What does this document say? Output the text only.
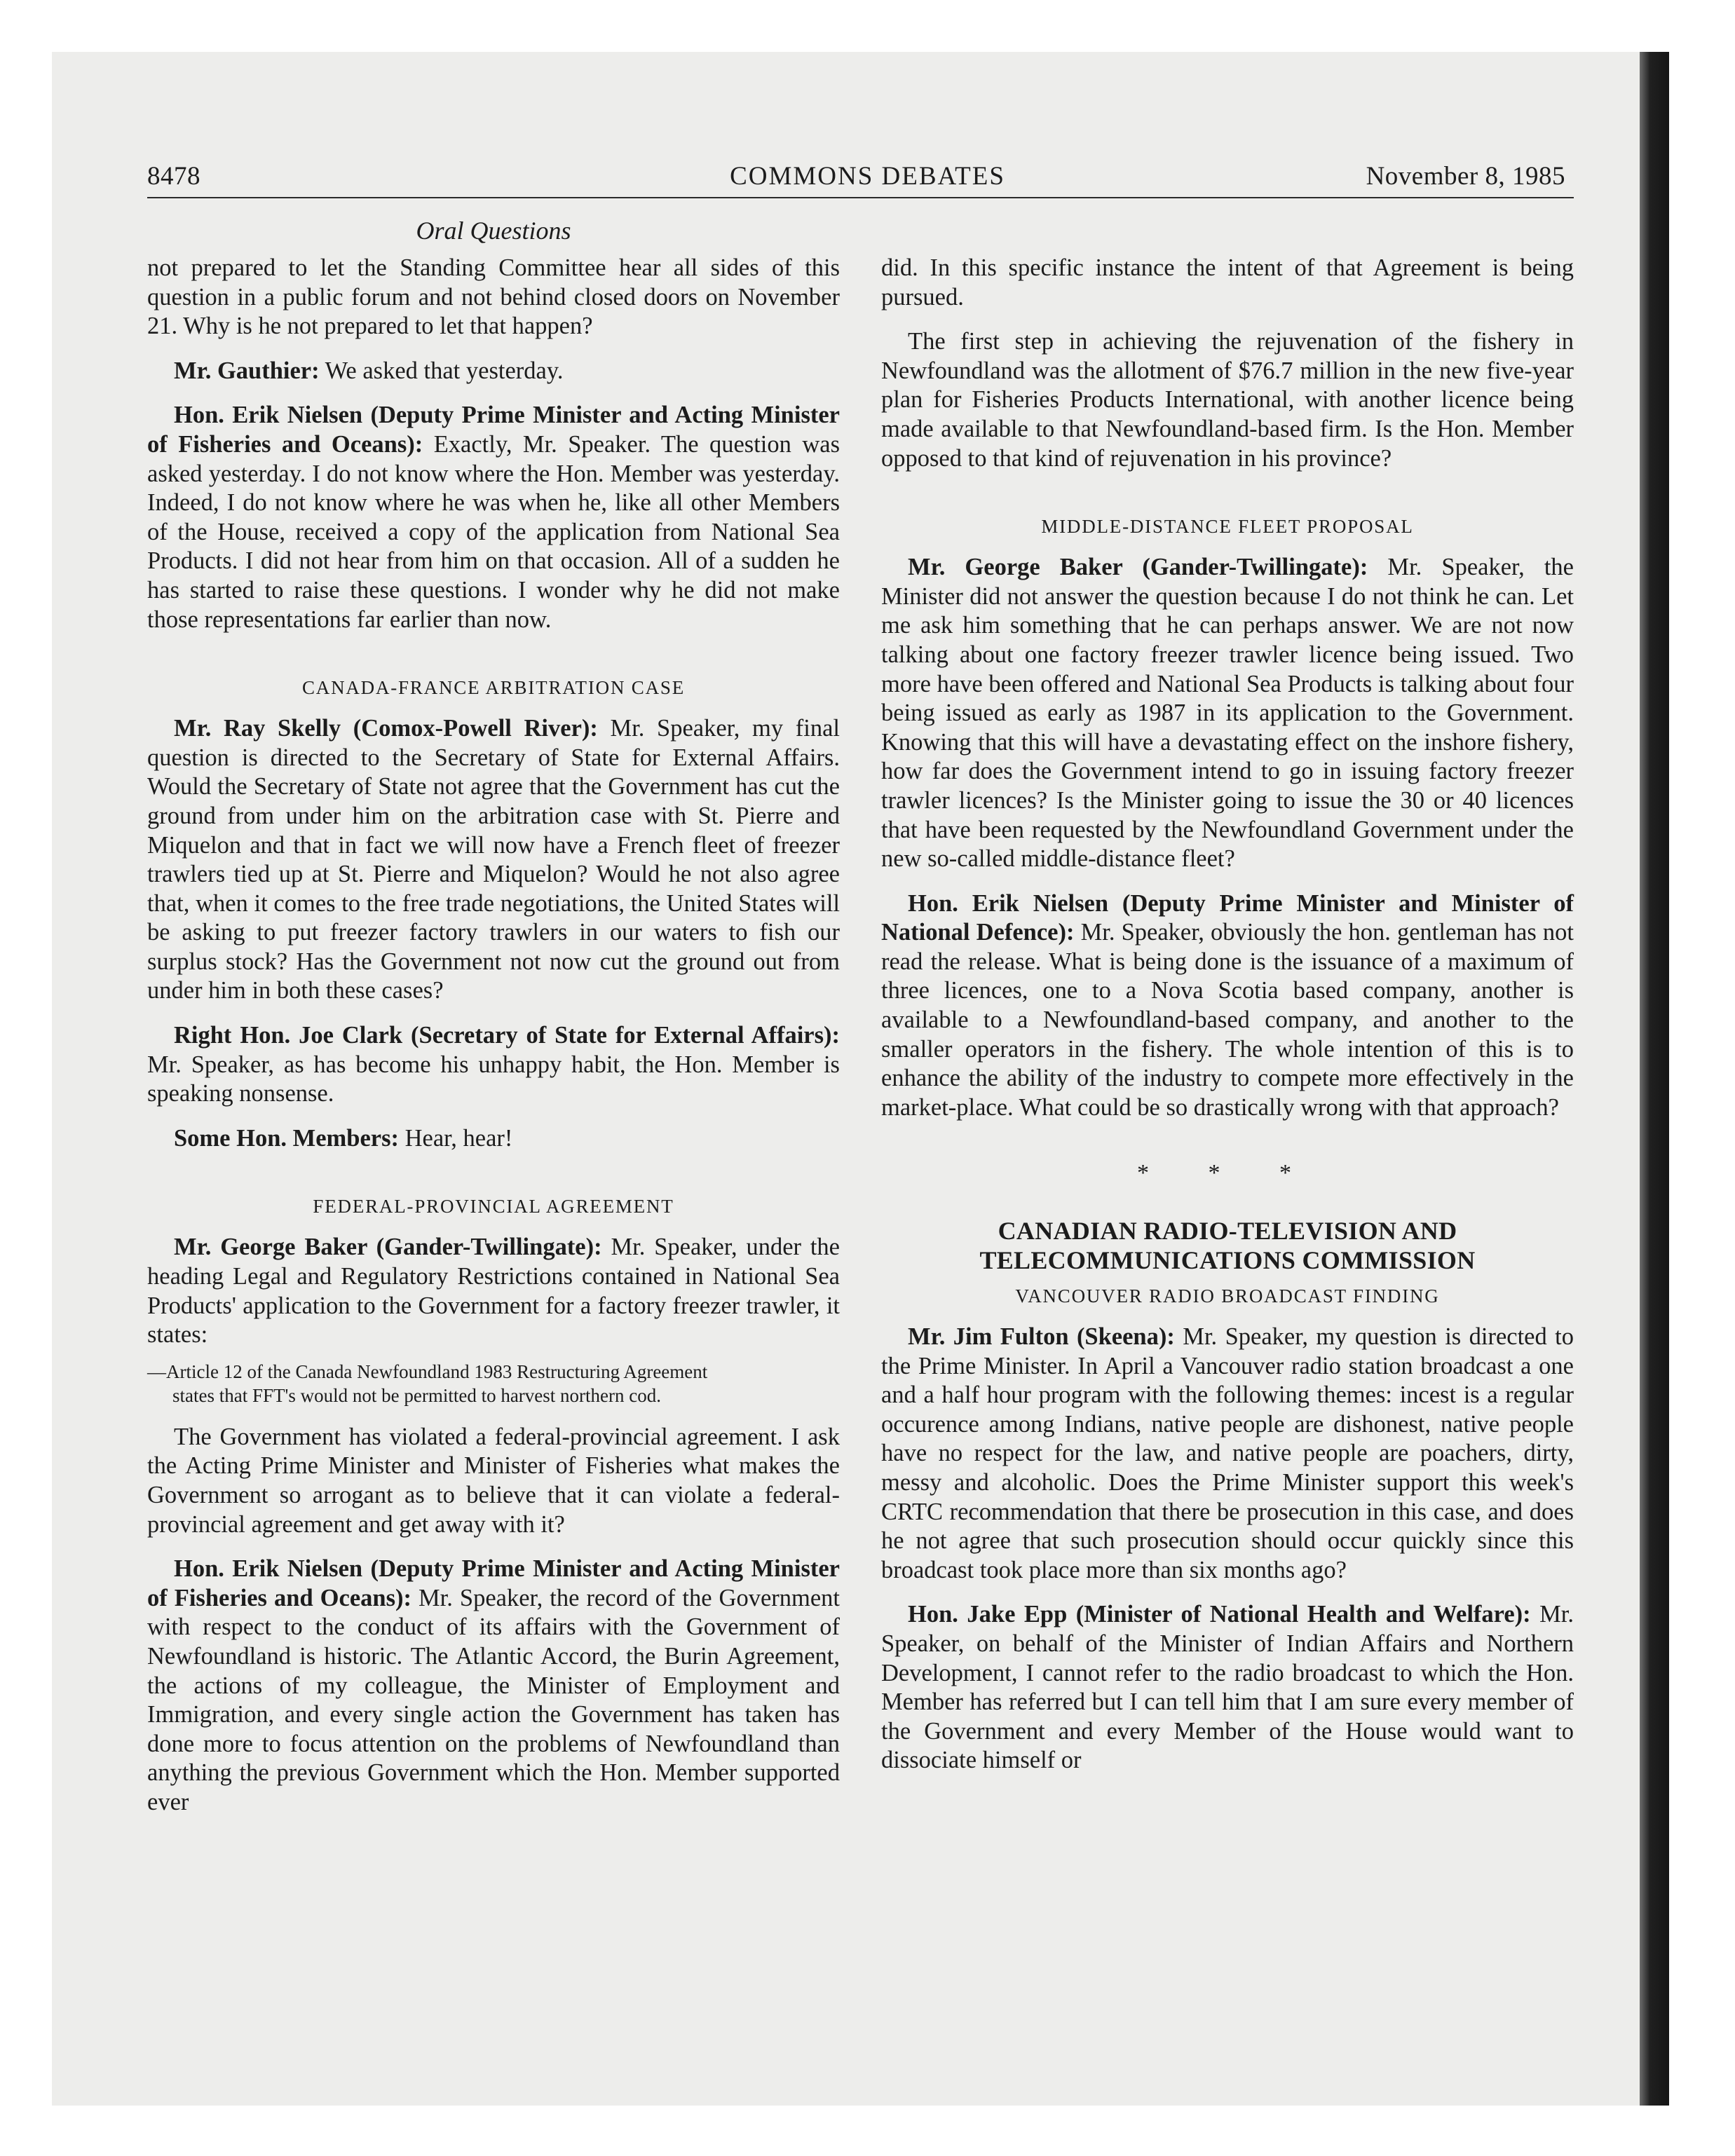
8478	COMMONS DEBATES	November 8, 1985
Oral Questions

not prepared to let the Standing Committee hear all sides of this question in a public forum and not behind closed doors on November 21. Why is he not prepared to let that happen?

Mr. Gauthier: We asked that yesterday.

Hon. Erik Nielsen (Deputy Prime Minister and Acting Minister of Fisheries and Oceans): Exactly, Mr. Speaker. The question was asked yesterday. I do not know where the Hon. Member was yesterday. Indeed, I do not know where he was when he, like all other Members of the House, received a copy of the application from National Sea Products. I did not hear from him on that occasion. All of a sudden he has started to raise these questions. I wonder why he did not make those representations far earlier than now.

CANADA-FRANCE ARBITRATION CASE

Mr. Ray Skelly (Comox-Powell River): Mr. Speaker, my final question is directed to the Secretary of State for External Affairs. Would the Secretary of State not agree that the Government has cut the ground from under him on the arbitration case with St. Pierre and Miquelon and that in fact we will now have a French fleet of freezer trawlers tied up at St. Pierre and Miquelon? Would he not also agree that, when it comes to the free trade negotiations, the United States will be asking to put freezer factory trawlers in our waters to fish our surplus stock? Has the Government not now cut the ground out from under him in both these cases?

Right Hon. Joe Clark (Secretary of State for External Affairs): Mr. Speaker, as has become his unhappy habit, the Hon. Member is speaking nonsense.

Some Hon. Members: Hear, hear!

FEDERAL-PROVINCIAL AGREEMENT

Mr. George Baker (Gander-Twillingate): Mr. Speaker, under the heading Legal and Regulatory Restrictions contained in National Sea Products' application to the Government for a factory freezer trawler, it states:

—Article 12 of the Canada Newfoundland 1983 Restructuring Agreement
states that FFT's would not be permitted to harvest northern cod.

The Government has violated a federal-provincial agreement. I ask the Acting Prime Minister and Minister of Fisheries what makes the Government so arrogant as to believe that it can violate a federal-provincial agreement and get away with it?

Hon. Erik Nielsen (Deputy Prime Minister and Acting Minister of Fisheries and Oceans): Mr. Speaker, the record of the Government with respect to the conduct of its affairs with the Government of Newfoundland is historic. The Atlantic Accord, the Burin Agreement, the actions of my colleague, the Minister of Employment and Immigration, and every single action the Government has taken has done more to focus attention on the problems of Newfoundland than anything the previous Government which the Hon. Member supported ever

did. In this specific instance the intent of that Agreement is being pursued.

The first step in achieving the rejuvenation of the fishery in Newfoundland was the allotment of $76.7 million in the new five-year plan for Fisheries Products International, with another licence being made available to that Newfoundland-based firm. Is the Hon. Member opposed to that kind of rejuvenation in his province?

MIDDLE-DISTANCE FLEET PROPOSAL

Mr. George Baker (Gander-Twillingate): Mr. Speaker, the Minister did not answer the question because I do not think he can. Let me ask him something that he can perhaps answer. We are not now talking about one factory freezer trawler licence being issued. Two more have been offered and National Sea Products is talking about four being issued as early as 1987 in its application to the Government. Knowing that this will have a devastating effect on the inshore fishery, how far does the Government intend to go in issuing factory freezer trawler licences? Is the Minister going to issue the 30 or 40 licences that have been requested by the Newfoundland Government under the new so-called middle-distance fleet?

Hon. Erik Nielsen (Deputy Prime Minister and Minister of National Defence): Mr. Speaker, obviously the hon. gentleman has not read the release. What is being done is the issuance of a maximum of three licences, one to a Nova Scotia based company, another is available to a Newfoundland-based company, and another to the smaller operators in the fishery. The whole intention of this is to enhance the ability of the industry to compete more effectively in the market-place. What could be so drastically wrong with that approach?

* * *

CANADIAN RADIO-TELEVISION AND
TELECOMMUNICATIONS COMMISSION
VANCOUVER RADIO BROADCAST FINDING

Mr. Jim Fulton (Skeena): Mr. Speaker, my question is directed to the Prime Minister. In April a Vancouver radio station broadcast a one and a half hour program with the following themes: incest is a regular occurence among Indians, native people are dishonest, native people have no respect for the law, and native people are poachers, dirty, messy and alcoholic. Does the Prime Minister support this week's CRTC recommendation that there be prosecution in this case, and does he not agree that such prosecution should occur quickly since this broadcast took place more than six months ago?

Hon. Jake Epp (Minister of National Health and Welfare): Mr. Speaker, on behalf of the Minister of Indian Affairs and Northern Development, I cannot refer to the radio broadcast to which the Hon. Member has referred but I can tell him that I am sure every member of the Government and every Member of the House would want to dissociate himself or
